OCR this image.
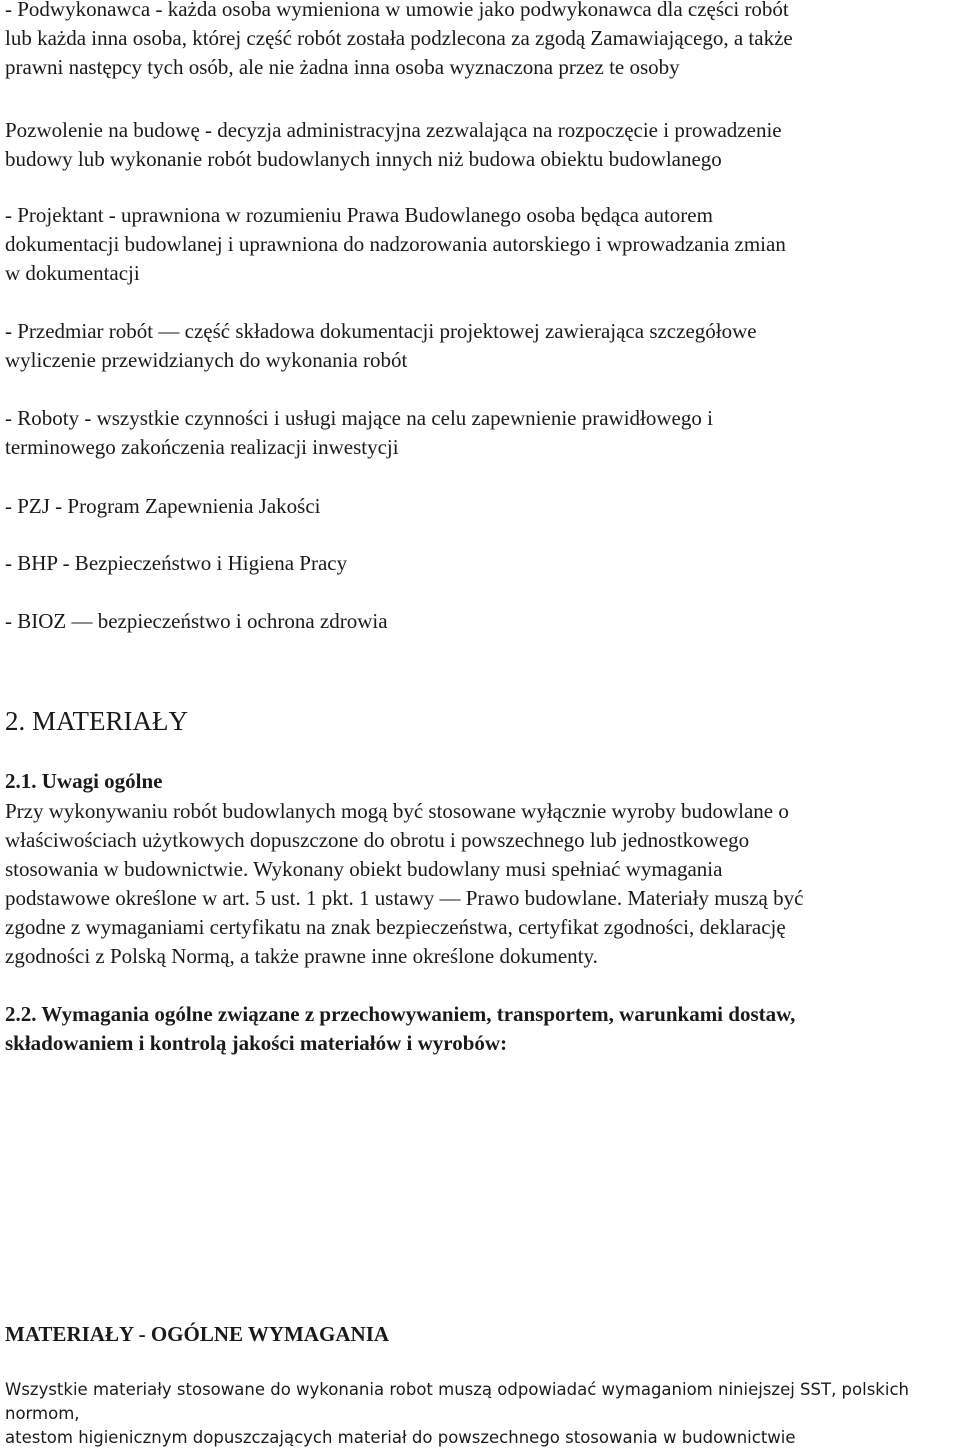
- Podwykonawca - każda osoba wymieniona w umowie jako podwykonawca dla części robót
lub każda inna osoba, której część robót została podzlecona za zgodą Zamawiającego, a także
prawni następcy tych osób, ale nie żadna inna osoba wyznaczona przez te osoby

Pozwolenie na budowę - decyzja administracyjna zezwalająca na rozpoczęcie i prowadzenie
budowy lub wykonanie robót budowlanych innych niż budowa obiektu budowlanego

- Projektant - uprawniona w rozumieniu Prawa Budowlanego osoba będąca autorem
dokumentacji budowlanej i uprawniona do nadzorowania autorskiego i wprowadzania zmian
w dokumentacji

- Przedmiar robót — część składowa dokumentacji projektowej zawierająca szczegółowe
wyliczenie przewidzianych do wykonania robót

- Roboty - wszystkie czynności i usługi mające na celu zapewnienie prawidłowego i
terminowego zakończenia realizacji inwestycji

- PZJ - Program Zapewnienia Jakości

- BHP - Bezpieczeństwo i Higiena Pracy

- BIOZ — bezpieczeństwo i ochrona zdrowia

2. MATERIAŁY
2.1. Uwagi ogólne

Przy wykonywaniu robót budowlanych mogą być stosowane wyłącznie wyroby budowlane o
właściwościach użytkowych dopuszczone do obrotu i powszechnego lub jednostkowego
stosowania w budownictwie. Wykonany obiekt budowlany musi spełniać wymagania
podstawowe określone w art. 5 ust. 1 pkt. 1 ustawy — Prawo budowlane. Materiały muszą być
zgodne z wymaganiami certyfikatu na znak bezpieczeństwa, certyfikat zgodności, deklarację
zgodności z Polską Normą, a także prawne inne określone dokumenty.

2.2. Wymagania ogólne związane z przechowywaniem, transportem, warunkami dostaw,
składowaniem i kontrolą jakości materiałów i wyrobów:
MATERIAŁY - OGÓLNE WYMAGANIA

Wszystkie materiały stosowane do wykonania robot muszą odpowiadać wymaganiom niniejszej SST, polskich
normom,
atestom higienicznym dopuszczających materiał do powszechnego stosowania w budownictwie
